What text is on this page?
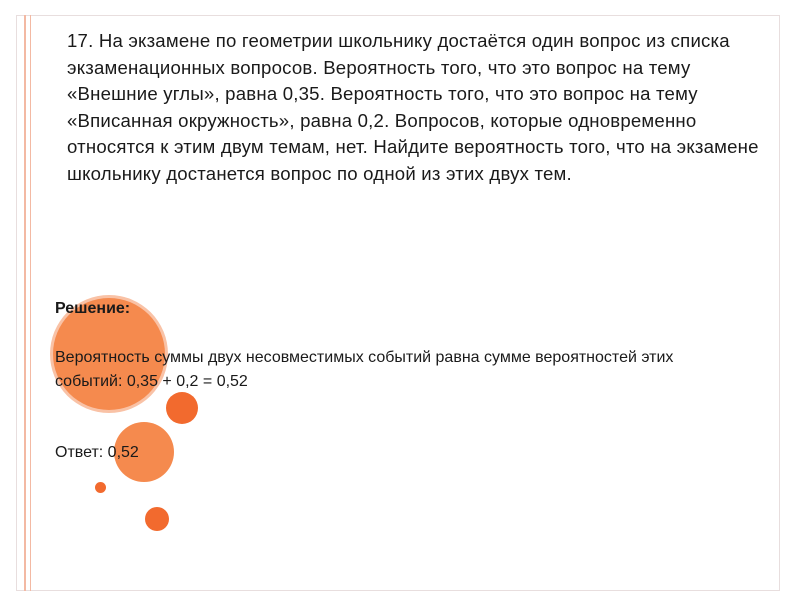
17. На экзамене по геометрии школьнику достаётся один вопрос из списка экзаменационных вопросов. Вероятность того, что это вопрос на тему «Внешние углы», равна 0,35. Вероятность того, что это вопрос на тему «Вписанная окружность», равна 0,2. Вопросов, которые одновременно относятся к этим двум темам, нет. Найдите вероятность того, что на экзамене школьнику достанется вопрос по одной из этих двух тем.

Решение:

Вероятность суммы двух несовместимых событий равна сумме вероятностей этих событий: 0,35 + 0,2 = 0,52

Ответ: 0,52
